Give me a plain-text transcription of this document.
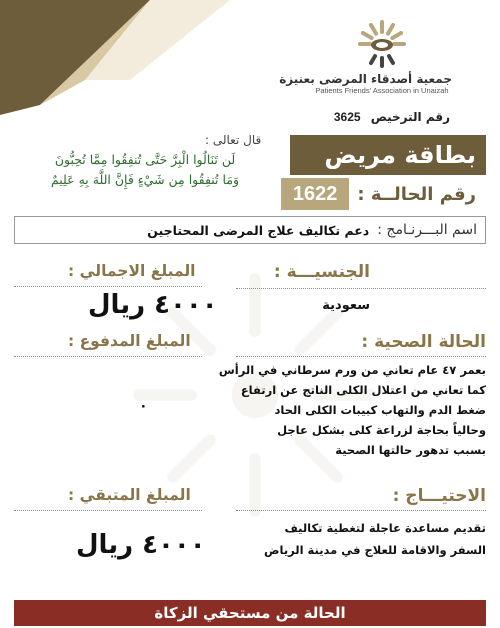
جمعية أصدقاء المرضى بعنيزة
Patients Friends' Association in Unaizah
رقم الترخيص 3625
قال تعالى :
لَن تَنَالُوا الْبِرَّ حَتَّى تُنفِقُوا مِمَّا تُحِبُّونَ
وَمَا تُنفِقُوا مِن شَيْءٍ فَإِنَّ اللَّهَ بِهِ عَلِيمٌ
بطاقة مريض
رقم الحالــة :
1622
اسم البـــرنـامج :
دعم تكاليف علاج المرضى المحتاجين
الجنسيـــة :
سعودية
الحالة الصحية :
بعمر ٤٧ عام تعاني من ورم سرطاني في الرأس
كما تعاني من اعتلال الكلى الناتج عن ارتفاع
ضغط الدم والتهاب كبيبات الكلى الحاد
وحالياً بحاجة لزراعة كلى بشكل عاجل
بسبب تدهور حالتها الصحية
الاحتيـــاج :
تقديم مساعدة عاجلة لتغطية تكاليف
السفر والاقامة للعلاج في مدينة الرياض
المبلغ الاجمالي :
٤٠٠٠ ريال
المبلغ المدفوع :
٠
المبلغ المتبقي :
٤٠٠٠ ريال
الحالة من مستحقي الزكاة
